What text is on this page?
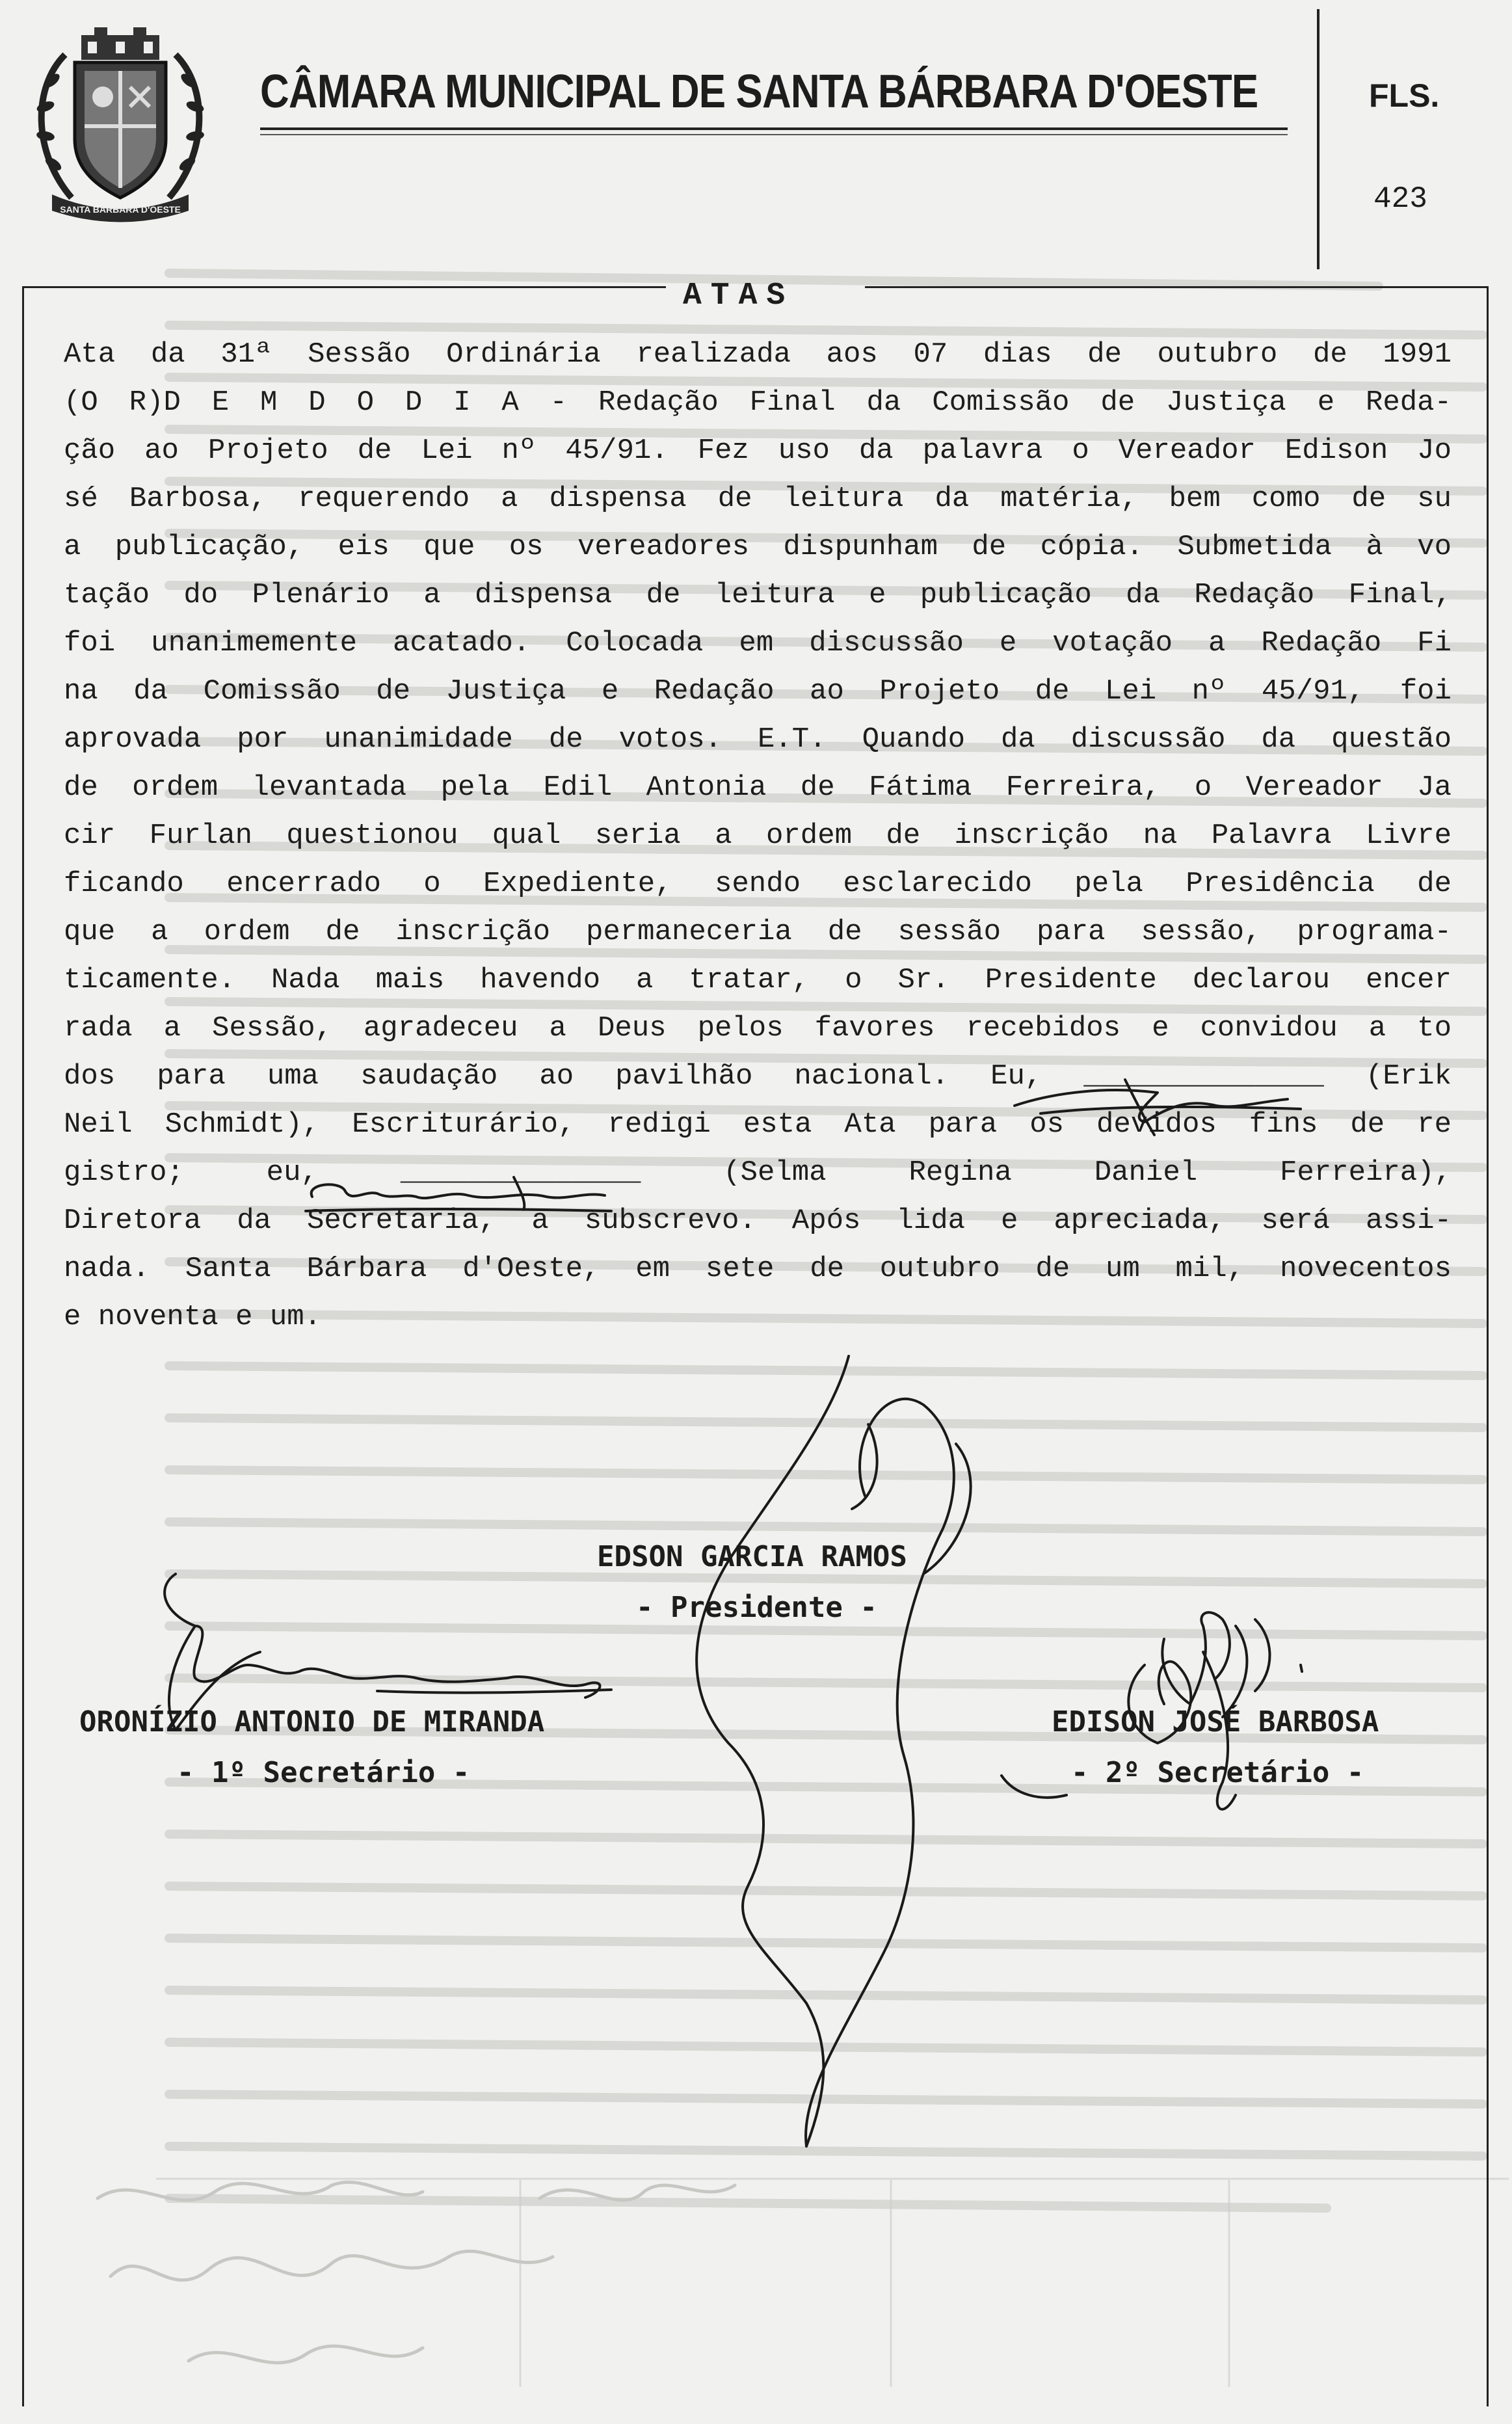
SANTA BARBARA D'OESTE
CÂMARA MUNICIPAL DE SANTA BÁRBARA D'OESTE	FLS.
423
ATAS
Ata da 31ª Sessão Ordinária realizada aos 07 dias de outubro de 1991
(O R)D E M D O D I A - Redação Final da Comissão de Justiça e Reda-
ção ao Projeto de Lei nº 45/91. Fez uso da palavra o Vereador Edison Jo
sé Barbosa, requerendo a dispensa de leitura da matéria, bem como de su
a publicação, eis que os vereadores dispunham de cópia. Submetida à vo
tação do Plenário a dispensa de leitura e publicação da Redação Final,
foi unanimemente acatado. Colocada em discussão e votação a Redação Fi
na da Comissão de Justiça e Redação ao Projeto de Lei nº 45/91, foi
aprovada por unanimidade de votos. E.T. Quando da discussão da questão
de ordem levantada pela Edil Antonia de Fátima Ferreira, o Vereador Ja
cir Furlan questionou qual seria a ordem de inscrição na Palavra Livre
ficando encerrado o Expediente, sendo esclarecido pela Presidência de
que a ordem de inscrição permaneceria de sessão para sessão, programa-
ticamente. Nada mais havendo a tratar, o Sr. Presidente declarou encer
rada a Sessão, agradeceu a Deus pelos favores recebidos e convidou a to
dos para uma saudação ao pavilhão nacional. Eu, ______________ (Erik
Neil Schmidt), Escriturário, redigi esta Ata para os devidos fins de re
gistro; eu, ______________ (Selma Regina Daniel Ferreira),
Diretora da Secretaria, a subscrevo. Após lida e apreciada, será assi-
nada. Santa Bárbara d'Oeste, em sete de outubro de um mil, novecentos
e noventa e um.
EDSON GARCIA RAMOS
- Presidente -
ORONÍZIO ANTONIO DE MIRANDA
- 1º Secretário -
EDISON JOSÉ BARBOSA
- 2º Secretário -
